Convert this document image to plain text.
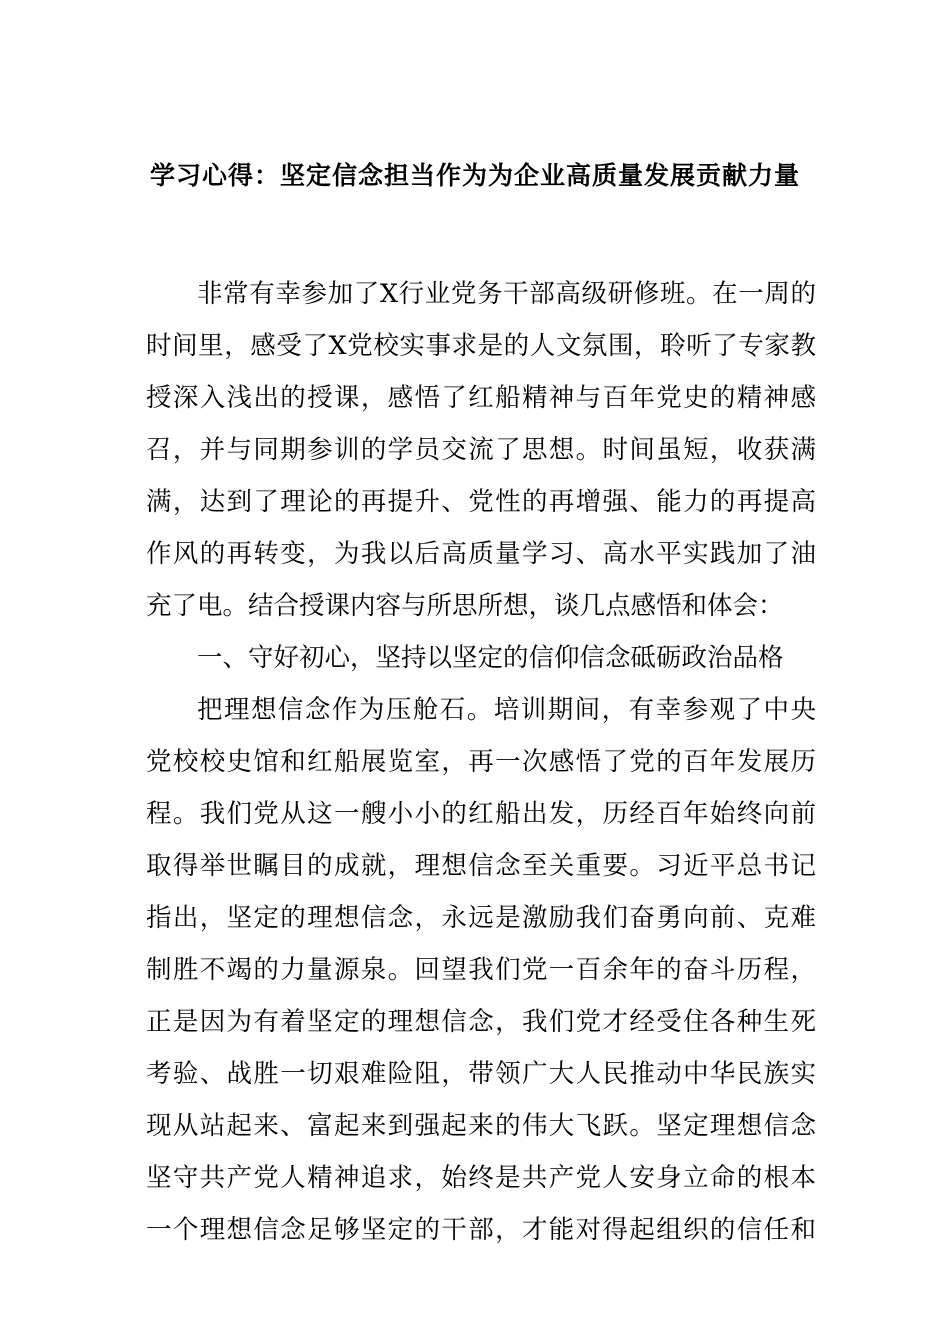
学习心得：坚定信念担当作为为企业高质量发展贡献力量
非常有幸参加了X行业党务干部高级研修班。在一周的
时间里，感受了X党校实事求是的人文氛围，聆听了专家教
授深入浅出的授课，感悟了红船精神与百年党史的精神感
召，并与同期参训的学员交流了思想。时间虽短，收获满
满，达到了理论的再提升、党性的再增强、能力的再提高
作风的再转变，为我以后高质量学习、高水平实践加了油
充了电。结合授课内容与所思所想，谈几点感悟和体会：
一、守好初心，坚持以坚定的信仰信念砥砺政治品格
把理想信念作为压舱石。培训期间，有幸参观了中央
党校校史馆和红船展览室，再一次感悟了党的百年发展历
程。我们党从这一艘小小的红船出发，历经百年始终向前
取得举世瞩目的成就，理想信念至关重要。习近平总书记
指出，坚定的理想信念，永远是激励我们奋勇向前、克难
制胜不竭的力量源泉。回望我们党一百余年的奋斗历程，
正是因为有着坚定的理想信念，我们党才经受住各种生死
考验、战胜一切艰难险阻，带领广大人民推动中华民族实
现从站起来、富起来到强起来的伟大飞跃。坚定理想信念
坚守共产党人精神追求，始终是共产党人安身立命的根本
一个理想信念足够坚定的干部，才能对得起组织的信任和
